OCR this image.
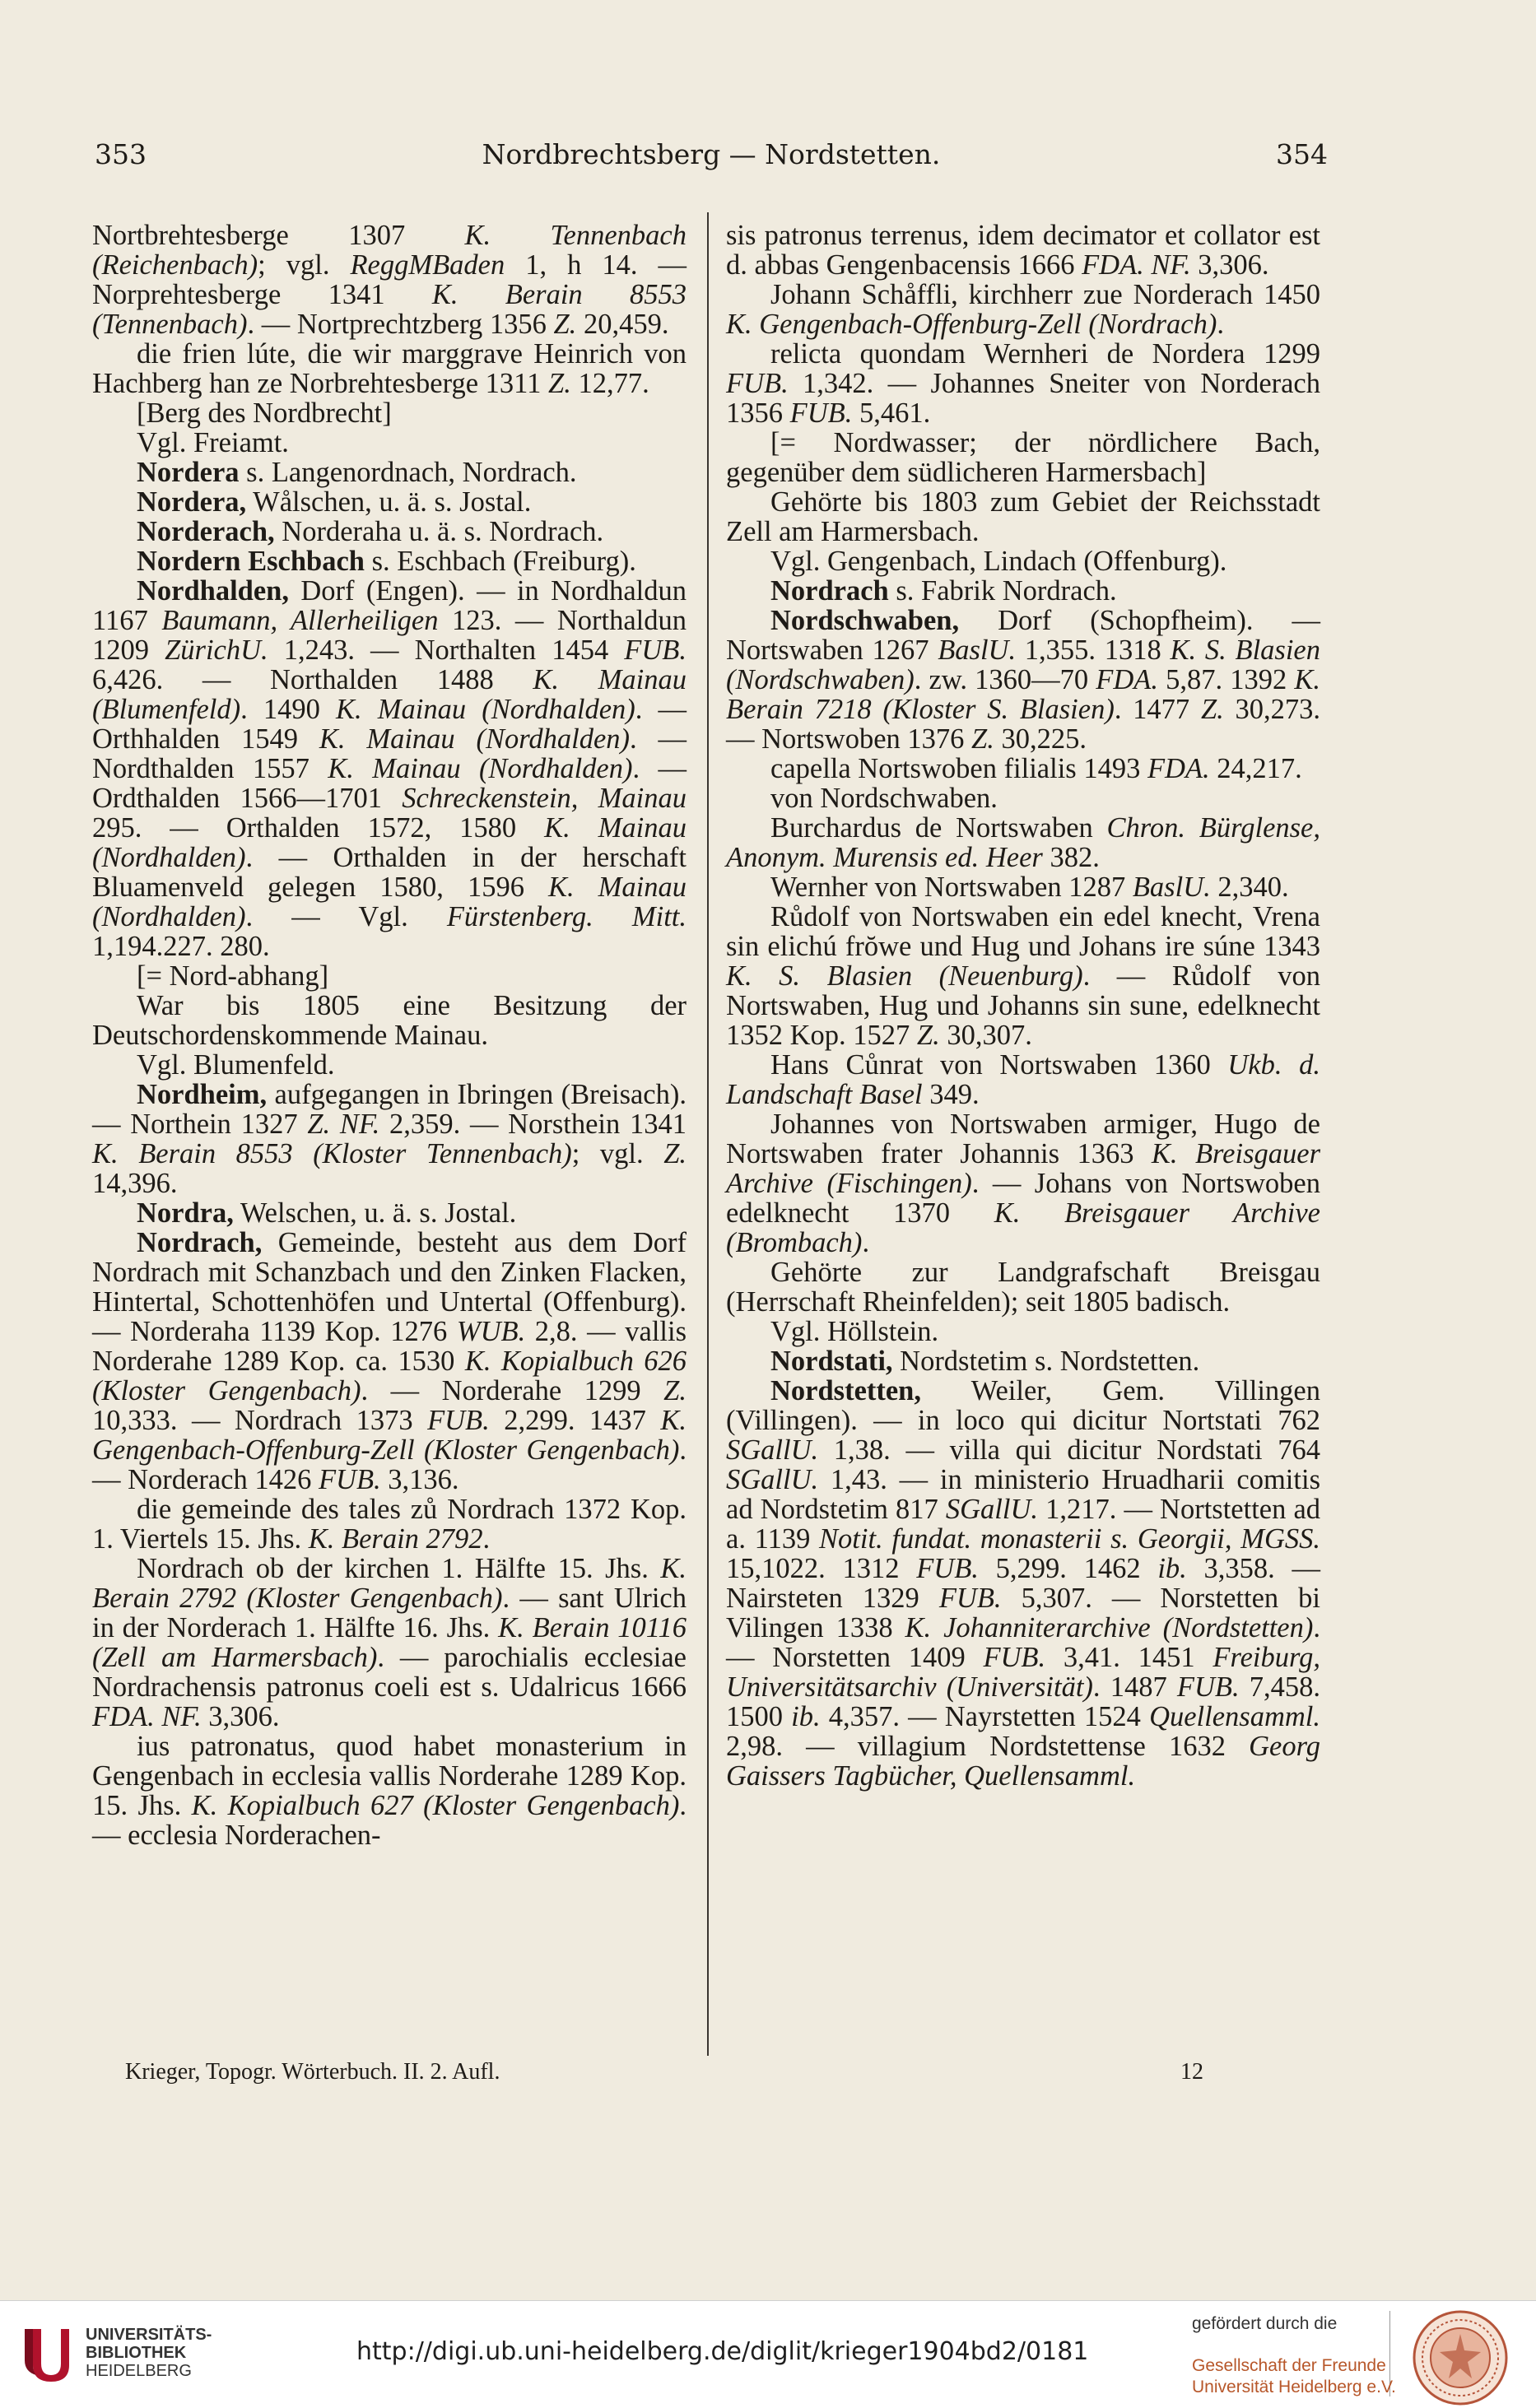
353	Nordbrechtsberg — Nordstetten.	354

Nortbrehtesberge 1307 K. Tennenbach (Reichenbach); vgl. ReggMBaden 1, h 14. — Norprehtesberge 1341 K. Berain 8553 (Tennenbach). — Nortprechtzberg 1356 Z. 20,459.

die frien lúte, die wir marggrave Heinrich von Hachberg han ze Norbrehtesberge 1311 Z. 12,77.

[Berg des Nordbrecht]

Vgl. Freiamt.

Nordera s. Langenordnach, Nordrach.

Nordera, Wålschen, u. ä. s. Jostal.

Norderach, Norderaha u. ä. s. Nordrach.

Nordern Eschbach s. Eschbach (Freiburg).

Nordhalden, Dorf (Engen). — in Nordhaldun 1167 Baumann, Allerheiligen 123. — Northaldun 1209 ZürichU. 1,243. — Northalten 1454 FUB. 6,426. — Northalden 1488 K. Mainau (Blumenfeld). 1490 K. Mainau (Nordhalden). — Orthhalden 1549 K. Mainau (Nordhalden). — Nordthalden 1557 K. Mainau (Nordhalden). — Ordthalden 1566—1701 Schreckenstein, Mainau 295. — Orthalden 1572, 1580 K. Mainau (Nordhalden). — Orthalden in der herschaft Bluamenveld gelegen 1580, 1596 K. Mainau (Nordhalden). — Vgl. Fürstenberg. Mitt. 1,194.227. 280.

[= Nord-abhang]

War bis 1805 eine Besitzung der Deutschordenskommende Mainau.

Vgl. Blumenfeld.

Nordheim, aufgegangen in Ibringen (Breisach). — Northein 1327 Z. NF. 2,359. — Norsthein 1341 K. Berain 8553 (Kloster Tennenbach); vgl. Z. 14,396.

Nordra, Welschen, u. ä. s. Jostal.

Nordrach, Gemeinde, besteht aus dem Dorf Nordrach mit Schanzbach und den Zinken Flacken, Hintertal, Schottenhöfen und Untertal (Offenburg). — Norderaha 1139 Kop. 1276 WUB. 2,8. — vallis Norderahe 1289 Kop. ca. 1530 K. Kopialbuch 626 (Kloster Gengenbach). — Norderahe 1299 Z. 10,333. — Nordrach 1373 FUB. 2,299. 1437 K. Gengenbach-Offenburg-Zell (Kloster Gengenbach). — Norderach 1426 FUB. 3,136.

die gemeinde des tales zů Nordrach 1372 Kop. 1. Viertels 15. Jhs. K. Berain 2792.

Nordrach ob der kirchen 1. Hälfte 15. Jhs. K. Berain 2792 (Kloster Gengenbach). — sant Ulrich in der Norderach 1. Hälfte 16. Jhs. K. Berain 10116 (Zell am Harmersbach). — parochialis ecclesiae Nordrachensis patronus coeli est s. Udalricus 1666 FDA. NF. 3,306.

ius patronatus, quod habet monasterium in Gengenbach in ecclesia vallis Norderahe 1289 Kop. 15. Jhs. K. Kopialbuch 627 (Kloster Gengenbach).— ecclesia Norderachen-

sis patronus terrenus, idem decimator et collator est d. abbas Gengenbacensis 1666 FDA. NF. 3,306.

Johann Schåffli, kirchherr zue Norderach 1450 K. Gengenbach-Offenburg-Zell (Nordrach).

relicta quondam Wernheri de Nordera 1299 FUB. 1,342. — Johannes Sneiter von Norderach 1356 FUB. 5,461.

[= Nordwasser; der nördlichere Bach, gegenüber dem südlicheren Harmersbach]

Gehörte bis 1803 zum Gebiet der Reichsstadt Zell am Harmersbach.

Vgl. Gengenbach, Lindach (Offenburg).

Nordrach s. Fabrik Nordrach.

Nordschwaben, Dorf (Schopfheim). — Nortswaben 1267 BaslU. 1,355. 1318 K. S. Blasien (Nordschwaben). zw. 1360—70 FDA. 5,87. 1392 K. Berain 7218 (Kloster S. Blasien). 1477 Z. 30,273. — Nortswoben 1376 Z. 30,225.

capella Nortswoben filialis 1493 FDA. 24,217.

von Nordschwaben.

Burchardus de Nortswaben Chron. Bürglense, Anonym. Murensis ed. Heer 382.

Wernher von Nortswaben 1287 BaslU. 2,340.

Růdolf von Nortswaben ein edel knecht, Vrena sin elichú frŏwe und Hug und Johans ire súne 1343 K. S. Blasien (Neuenburg). — Růdolf von Nortswaben, Hug und Johanns sin sune, edelknecht 1352 Kop. 1527 Z. 30,307.

Hans Cůnrat von Nortswaben 1360 Ukb. d. Landschaft Basel 349.

Johannes von Nortswaben armiger, Hugo de Nortswaben frater Johannis 1363 K. Breisgauer Archive (Fischingen). — Johans von Nortswoben edelknecht 1370 K. Breisgauer Archive (Brombach).

Gehörte zur Landgrafschaft Breisgau (Herrschaft Rheinfelden); seit 1805 badisch.

Vgl. Höllstein.

Nordstati, Nordstetim s. Nordstetten.

Nordstetten, Weiler, Gem. Villingen (Villingen). — in loco qui dicitur Nortstati 762 SGallU. 1,38. — villa qui dicitur Nordstati 764 SGallU. 1,43. — in ministerio Hruadharii comitis ad Nordstetim 817 SGallU. 1,217. — Nortstetten ad a. 1139 Notit. fundat. monasterii s. Georgii, MGSS. 15,1022. 1312 FUB. 5,299. 1462 ib. 3,358. — Nairsteten 1329 FUB. 5,307. — Norstetten bi Vilingen 1338 K. Johanniterarchive (Nordstetten). — Norstetten 1409 FUB. 3,41. 1451 Freiburg, Universitätsarchiv (Universität). 1487 FUB. 7,458. 1500 ib. 4,357. — Nayrstetten 1524 Quellensamml. 2,98. — villagium Nordstettense 1632 Georg Gaissers Tagbücher, Quellensamml.

Krieger, Topogr. Wörterbuch. II. 2. Aufl.	12
UNIVERSITÄTS-
BIBLIOTHEK
HEIDELBERG
http://digi.ub.uni-heidelberg.de/diglit/krieger1904bd2/0181
gefördert durch die
Gesellschaft der Freunde
Universität Heidelberg e.V.
